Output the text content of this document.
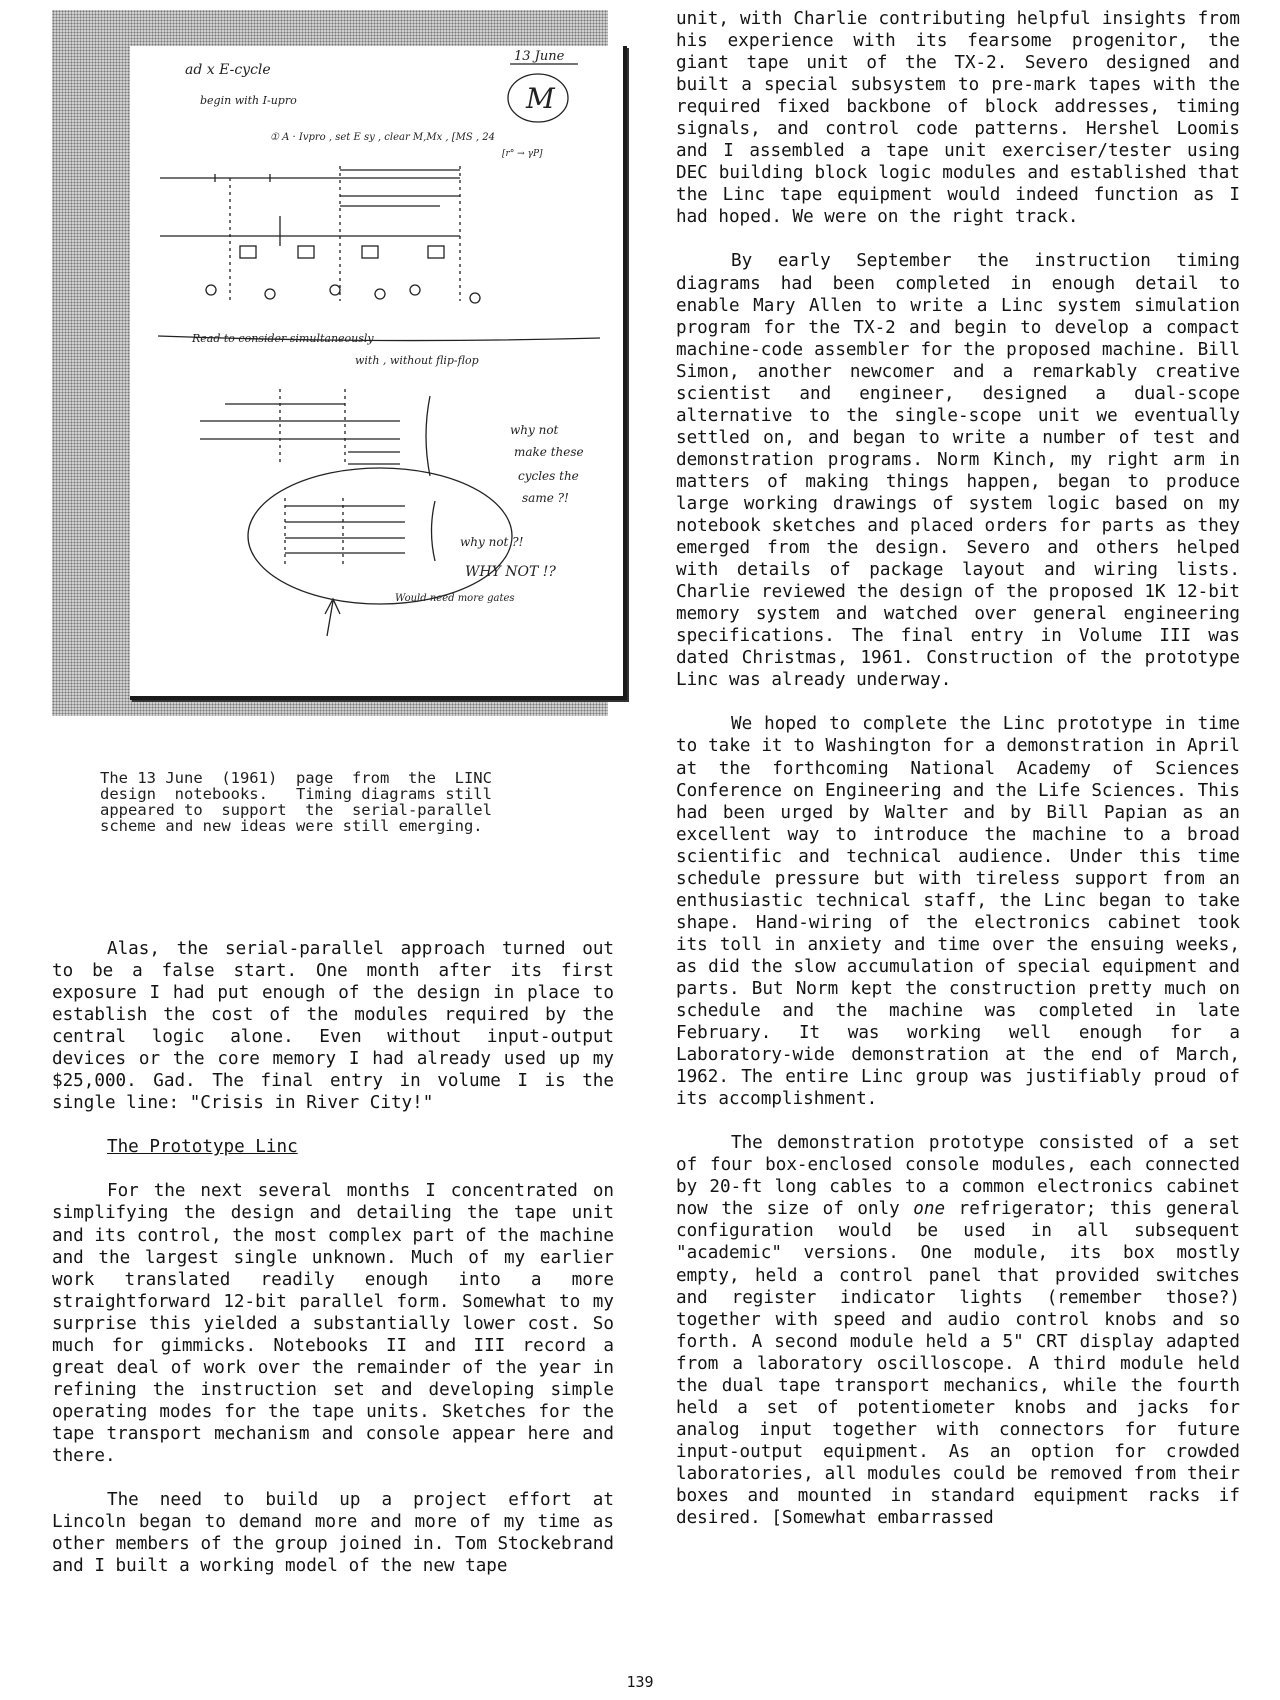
ad x E-cycle
begin with I-upro
13 June
M
① A · Ivpro , set E sy , clear M,Mx , [MS , 24
[r° → γP]
Read to consider simultaneously
with , without flip-flop
why not
make these
cycles the
same ?!
why not ?!
WHY NOT !?
Would need more gates
The 13 June  (1961)  page  from  the  LINC
design  notebooks.   Timing diagrams still
appeared to  support  the  serial-parallel
scheme and new ideas were still emerging.

Alas, the serial-parallel approach turned out to be a false start. One month after its first exposure I had put enough of the design in place to establish the cost of the modules required by the central logic alone. Even without input-output devices or the core memory I had already used up my $25,000. Gad. The final entry in volume I is the single line: "Crisis in River City!"

The Prototype Linc

For the next several months I concentrated on simplifying the design and detailing the tape unit and its control, the most complex part of the machine and the largest single unknown. Much of my earlier work translated readily enough into a more straightforward 12-bit parallel form. Somewhat to my surprise this yielded a substantially lower cost. So much for gimmicks. Notebooks II and III record a great deal of work over the remainder of the year in refining the instruction set and developing simple operating modes for the tape units. Sketches for the tape transport mechanism and console appear here and there.

The need to build up a project effort at Lincoln began to demand more and more of my time as other members of the group joined in. Tom Stockebrand and I built a working model of the new tape

unit, with Charlie contributing helpful insights from his experience with its fearsome progenitor, the giant tape unit of the TX-2. Severo designed and built a special subsystem to pre-mark tapes with the required fixed backbone of block addresses, timing signals, and control code patterns. Hershel Loomis and I assembled a tape unit exerciser/tester using DEC building block logic modules and established that the Linc tape equipment would indeed function as I had hoped. We were on the right track.

By early September the instruction timing diagrams had been completed in enough detail to enable Mary Allen to write a Linc system simulation program for the TX-2 and begin to develop a compact machine-code assembler for the proposed machine. Bill Simon, another newcomer and a remarkably creative scientist and engineer, designed a dual-scope alternative to the single-scope unit we eventually settled on, and began to write a number of test and demonstration programs. Norm Kinch, my right arm in matters of making things happen, began to produce large working drawings of system logic based on my notebook sketches and placed orders for parts as they emerged from the design. Severo and others helped with details of package layout and wiring lists. Charlie reviewed the design of the proposed 1K 12-bit memory system and watched over general engineering specifications. The final entry in Volume III was dated Christmas, 1961. Construction of the prototype Linc was already underway.

We hoped to complete the Linc prototype in time to take it to Washington for a demonstration in April at the forthcoming National Academy of Sciences Conference on Engineering and the Life Sciences. This had been urged by Walter and by Bill Papian as an excellent way to introduce the machine to a broad scientific and technical audience. Under this time schedule pressure but with tireless support from an enthusiastic technical staff, the Linc began to take shape. Hand-wiring of the electronics cabinet took its toll in anxiety and time over the ensuing weeks, as did the slow accumulation of special equipment and parts. But Norm kept the construction pretty much on schedule and the machine was completed in late February. It was working well enough for a Laboratory-wide demonstration at the end of March, 1962. The entire Linc group was justifiably proud of its accomplishment.

The demonstration prototype consisted of a set of four box-enclosed console modules, each connected by 20-ft long cables to a common electronics cabinet now the size of only one refrigerator; this general configuration would be used in all subsequent "academic" versions. One module, its box mostly empty, held a control panel that provided switches and register indicator lights (remember those?) together with speed and audio control knobs and so forth. A second module held a 5" CRT display adapted from a laboratory oscilloscope. A third module held the dual tape transport mechanics, while the fourth held a set of potentiometer knobs and jacks for analog input together with connectors for future input-output equipment. As an option for crowded laboratories, all modules could be removed from their boxes and mounted in standard equipment racks if desired. [Somewhat embarrassed

139
